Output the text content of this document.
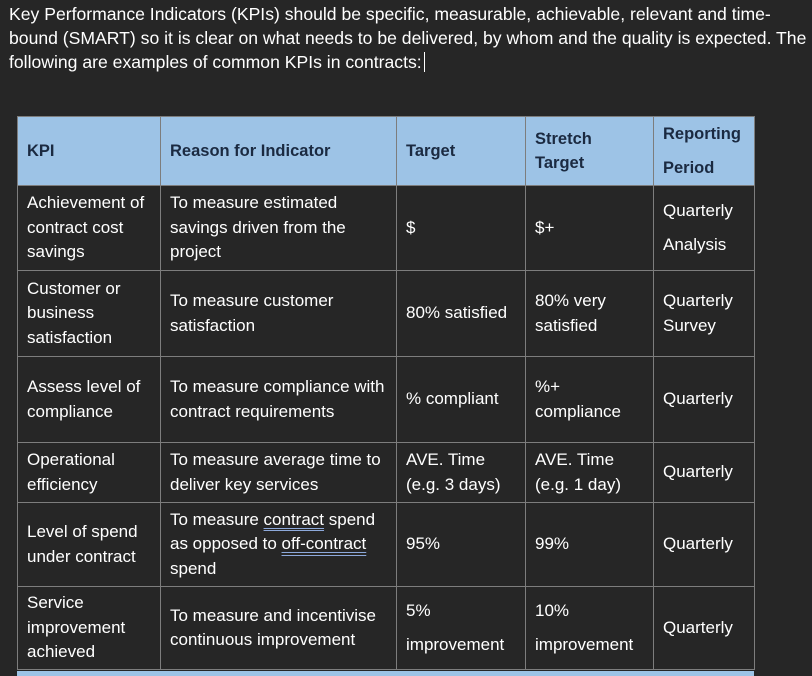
Key Performance Indicators (KPIs) should be specific, measurable, achievable, relevant and time-bound (SMART) so it is clear on what needs to be delivered, by whom and the quality is expected. The following are examples of common KPIs in contracts:

KPI	Reason for Indicator	Target	Stretch Target	Reporting Period
Achievement of contract cost savings	To measure estimated savings driven from the project	$	$+	Quarterly Analysis
Customer or business satisfaction	To measure customer satisfaction	80% satisfied	80% very satisfied	Quarterly Survey
Assess level of compliance	To measure compliance with contract requirements	% compliant	%+ compliance	Quarterly
Operational efficiency	To measure average time to deliver key services	AVE. Time (e.g. 3 days)	AVE. Time (e.g. 1 day)	Quarterly
Level of spend under contract	To measure contract spend as opposed to off-contract spend	95%	99%	Quarterly
Service improvement achieved	To measure and incentivise continuous improvement	5% improvement	10% improvement	Quarterly
